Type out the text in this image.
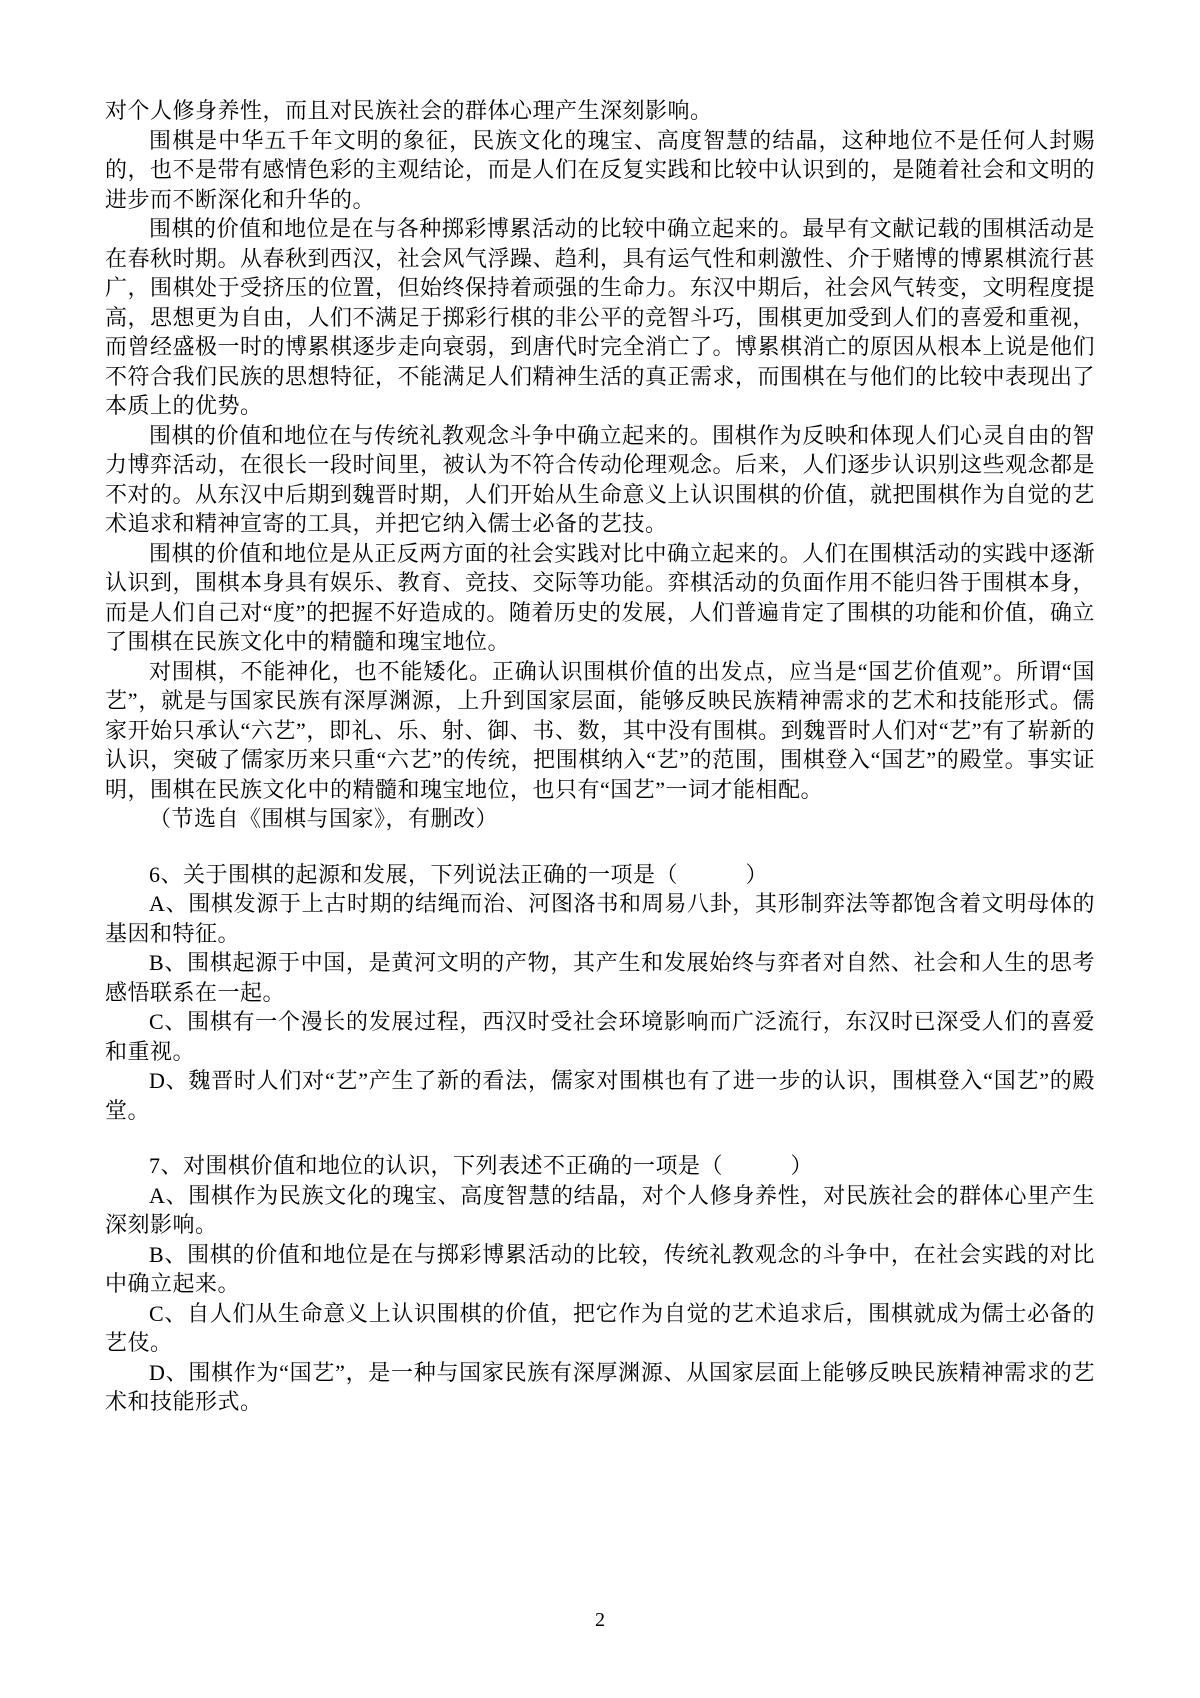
对个人修身养性，而且对民族社会的群体心理产生深刻影响。

围棋是中华五千年文明的象征，民族文化的瑰宝、高度智慧的结晶，这种地位不是任何人封赐的，也不是带有感情色彩的主观结论，而是人们在反复实践和比较中认识到的，是随着社会和文明的进步而不断深化和升华的。

围棋的价值和地位是在与各种掷彩博累活动的比较中确立起来的。最早有文献记载的围棋活动是在春秋时期。从春秋到西汉，社会风气浮躁、趋利，具有运气性和刺激性、介于赌博的博累棋流行甚广，围棋处于受挤压的位置，但始终保持着顽强的生命力。东汉中期后，社会风气转变，文明程度提高，思想更为自由，人们不满足于掷彩行棋的非公平的竞智斗巧，围棋更加受到人们的喜爱和重视，而曾经盛极一时的博累棋逐步走向衰弱，到唐代时完全消亡了。博累棋消亡的原因从根本上说是他们不符合我们民族的思想特征，不能满足人们精神生活的真正需求，而围棋在与他们的比较中表现出了本质上的优势。

围棋的价值和地位在与传统礼教观念斗争中确立起来的。围棋作为反映和体现人们心灵自由的智力博弈活动，在很长一段时间里，被认为不符合传动伦理观念。后来，人们逐步认识别这些观念都是不对的。从东汉中后期到魏晋时期，人们开始从生命意义上认识围棋的价值，就把围棋作为自觉的艺术追求和精神宣寄的工具，并把它纳入儒士必备的艺技。

围棋的价值和地位是从正反两方面的社会实践对比中确立起来的。人们在围棋活动的实践中逐渐认识到，围棋本身具有娱乐、教育、竞技、交际等功能。弈棋活动的负面作用不能归咎于围棋本身，而是人们自己对“度”的把握不好造成的。随着历史的发展，人们普遍肯定了围棋的功能和价值，确立了围棋在民族文化中的精髓和瑰宝地位。

对围棋，不能神化，也不能矮化。正确认识围棋价值的出发点，应当是“国艺价值观”。所谓“国艺”，就是与国家民族有深厚渊源，上升到国家层面，能够反映民族精神需求的艺术和技能形式。儒家开始只承认“六艺”，即礼、乐、射、御、书、数，其中没有围棋。到魏晋时人们对“艺”有了崭新的认识，突破了儒家历来只重“六艺”的传统，把围棋纳入“艺”的范围，围棋登入“国艺”的殿堂。事实证明，围棋在民族文化中的精髓和瑰宝地位，也只有“国艺”一词才能相配。

（节选自《围棋与国家》，有删改）

6、关于围棋的起源和发展，下列说法正确的一项是（　　　）

A、围棋发源于上古时期的结绳而治、河图洛书和周易八卦，其形制弈法等都饱含着文明母体的基因和特征。

B、围棋起源于中国，是黄河文明的产物，其产生和发展始终与弈者对自然、社会和人生的思考感悟联系在一起。

C、围棋有一个漫长的发展过程，西汉时受社会环境影响而广泛流行，东汉时已深受人们的喜爱和重视。

D、魏晋时人们对“艺”产生了新的看法，儒家对围棋也有了进一步的认识，围棋登入“国艺”的殿堂。

7、对围棋价值和地位的认识，下列表述不正确的一项是（　　　）

A、围棋作为民族文化的瑰宝、高度智慧的结晶，对个人修身养性，对民族社会的群体心里产生深刻影响。

B、围棋的价值和地位是在与掷彩博累活动的比较，传统礼教观念的斗争中，在社会实践的对比中确立起来。

C、自人们从生命意义上认识围棋的价值，把它作为自觉的艺术追求后，围棋就成为儒士必备的艺伎。

D、围棋作为“国艺”，是一种与国家民族有深厚渊源、从国家层面上能够反映民族精神需求的艺术和技能形式。

2
